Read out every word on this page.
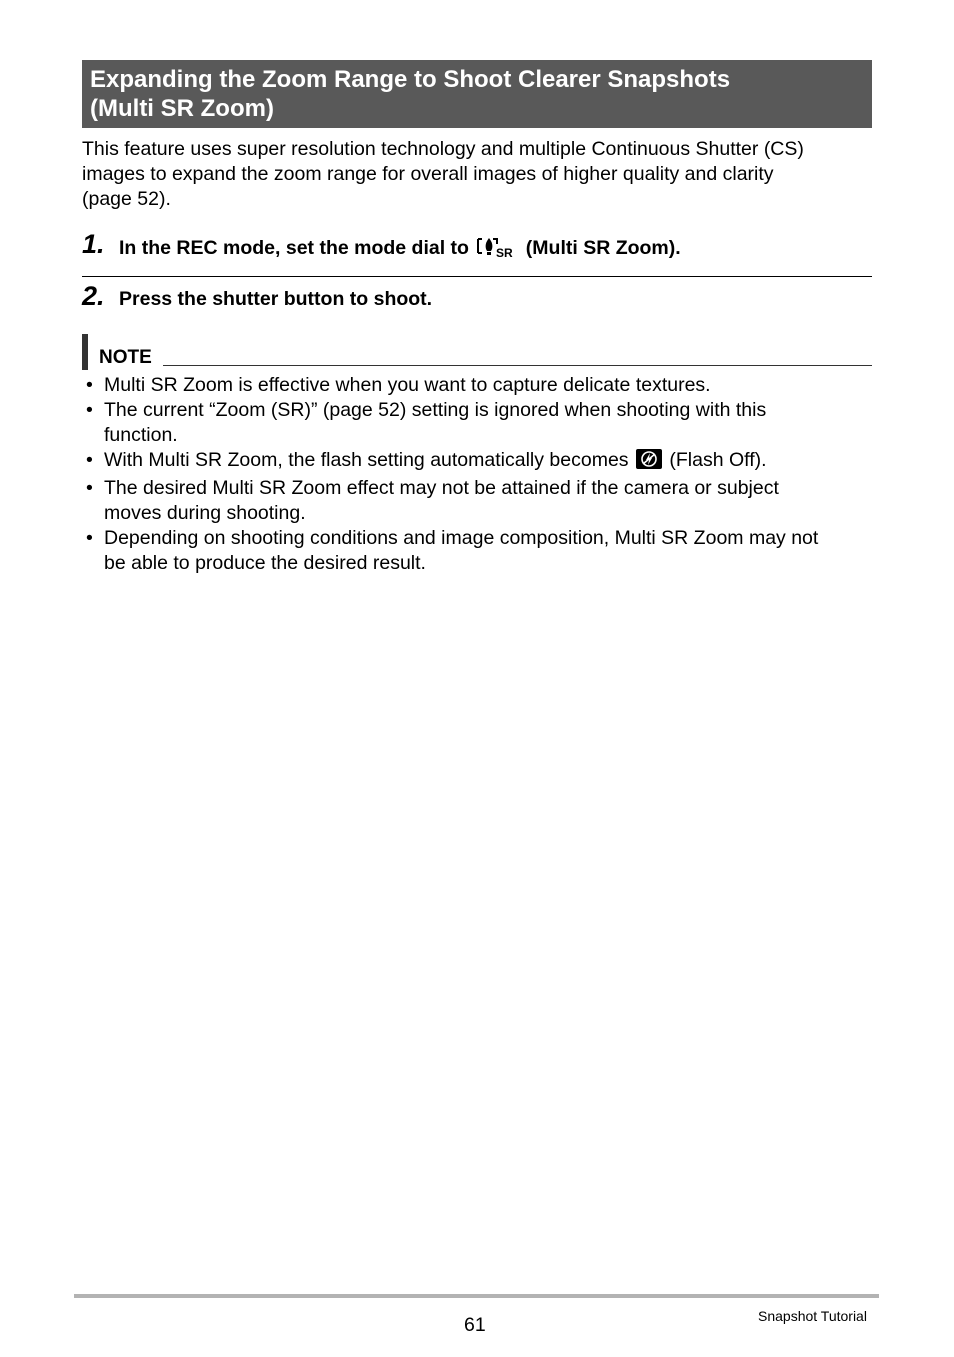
Expanding the Zoom Range to Shoot Clearer Snapshots
(Multi SR Zoom)
This feature uses super resolution technology and multiple Continuous Shutter (CS)
images to expand the zoom range for overall images of higher quality and clarity
(page 52).
1. In the REC mode, set the mode dial to SR (Multi SR Zoom).
2. Press the shutter button to shoot.
NOTE
• Multi SR Zoom is effective when you want to capture delicate textures.
• The current “Zoom (SR)” (page 52) setting is ignored when shooting with this
function.
• With Multi SR Zoom, the flash setting automatically becomes (Flash Off).
• The desired Multi SR Zoom effect may not be attained if the camera or subject
moves during shooting.
• Depending on shooting conditions and image composition, Multi SR Zoom may not
be able to produce the desired result.
61	Snapshot Tutorial
